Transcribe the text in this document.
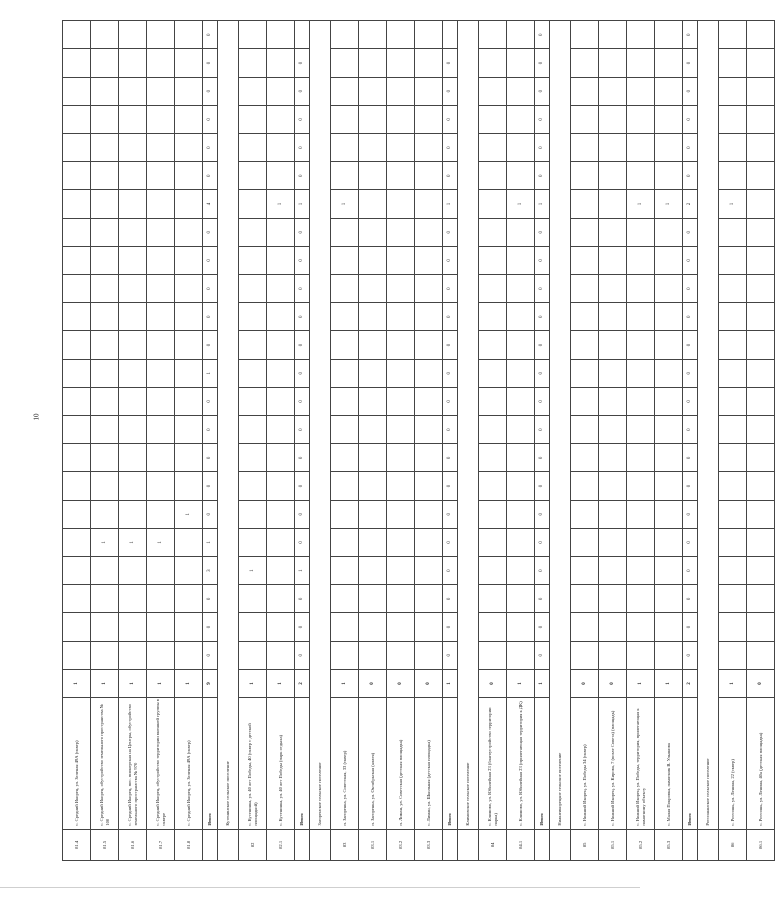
10
81.4	с. Средний Икорец, ул. Зеленая 49А (сквер)	1																							
81.5	с. Средний Икорец, обустройство земельного пространства № 100	1					1																		
81.6	с. Средний Икорец, пос. пионерская на Центры, обустройство земельного пространства № 970	1					1																		
81.7	с. Средний Икорец, обустройство территории внешней группы в сквере	1					1																		
81.8	с. Средний Икорец, ул. Зеленая 49А (сквер)	1						1																	
	Итого	9	0	0	0	3	1	0	0	0	0	0	1	0	0	0	0	0	4	0	0	0	0	0	0
	Кутенинское сельское поселение																								
82	с. Кутенинка, ул. 40 лет Победы, 40 (сквер с детской площадкой)	1				1																			
82.1	с. Кутенинка, ул. 40 лет Победы (парк отдыха)	1																	1						
	Итого	2	0	0	0	1	0	0	0	0	0	0	0	0	0	0	0	0	1	0	0	0	0	0	
	Загоренское сельское поселение																								
83	п. Загоренка, ул. Советская, 33 (сквер)	1																	1						
83.1	п. Загоренка, ул. Октябрьская (аллея)	0																							
83.2	п. Лиман, ул. Советская (детская площадка)	0																							
83.3	с. Лиман, ул. Школьная (детская площадка)	0																							
	Итого	1	0	0	0	0	0	0	0	0	0	0	0	0	0	0	0	0	1	0	0	0	0	0	
	Климовское сельское поселение																								
84	с. Климово, ул. Юбилейная 23 (благоустройство территории парка)	0																							
84.1	с. Климово, ул. Юбилейная 23 (прилегающая территория к ДК)	1																	1						
	Итого	1	0	0	0	0	0	0	0	0	0	0	0	0	0	0	0	0	1	0	0	0	0	0	0
	Нижнеикорецкое сельское поселение																								
85	с. Нижний Икорец, ул. Победы 34 (сквер)	0																							
85.1	с. Нижний Икорец, ул. Кирова, 7 (возле Совета) (площадь)	0																							
85.2	с. Нижний Икорец, ул. Победы, территория, прилегающая к памятному объекту	1																	1						
85.3	с. Малая Покровка, памятник В. Ульянова	1																	1						
	Итого	2	0	0	0	0	0	0	0	0	0	0	0	0	0	0	0	0	2	0	0	0	0	0	0
	Россошанское сельское поселение																								
86	с. Россошь, ул. Ленина, 22 (сквер)	1																	1						
86.1	с. Россошь, ул. Ленина, 40а (детская площадка)	0																							
